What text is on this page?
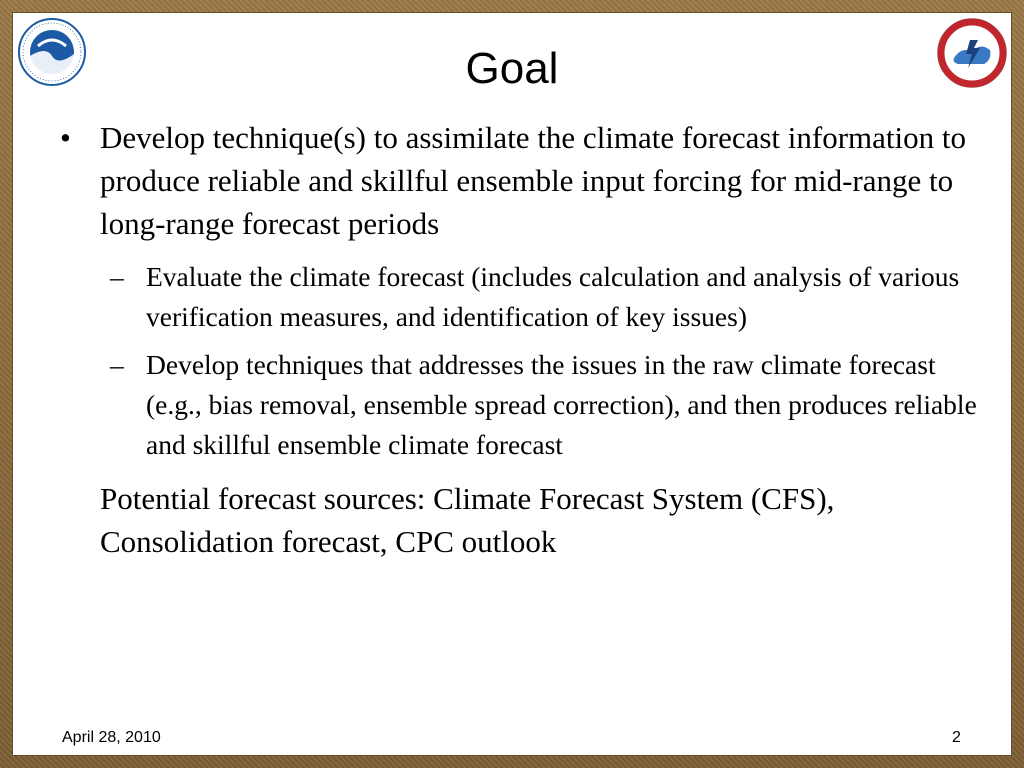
Goal
• Develop technique(s) to assimilate the climate forecast information to produce reliable and skillful ensemble input forcing for mid-range to long-range forecast periods
– Evaluate the climate forecast (includes calculation and analysis of various verification measures, and identification of key issues)
– Develop techniques that addresses the issues in the raw climate forecast (e.g., bias removal, ensemble spread correction), and then produces reliable and skillful ensemble climate forecast
Potential forecast sources: Climate Forecast System (CFS), Consolidation forecast, CPC outlook
April 28, 2010	2
